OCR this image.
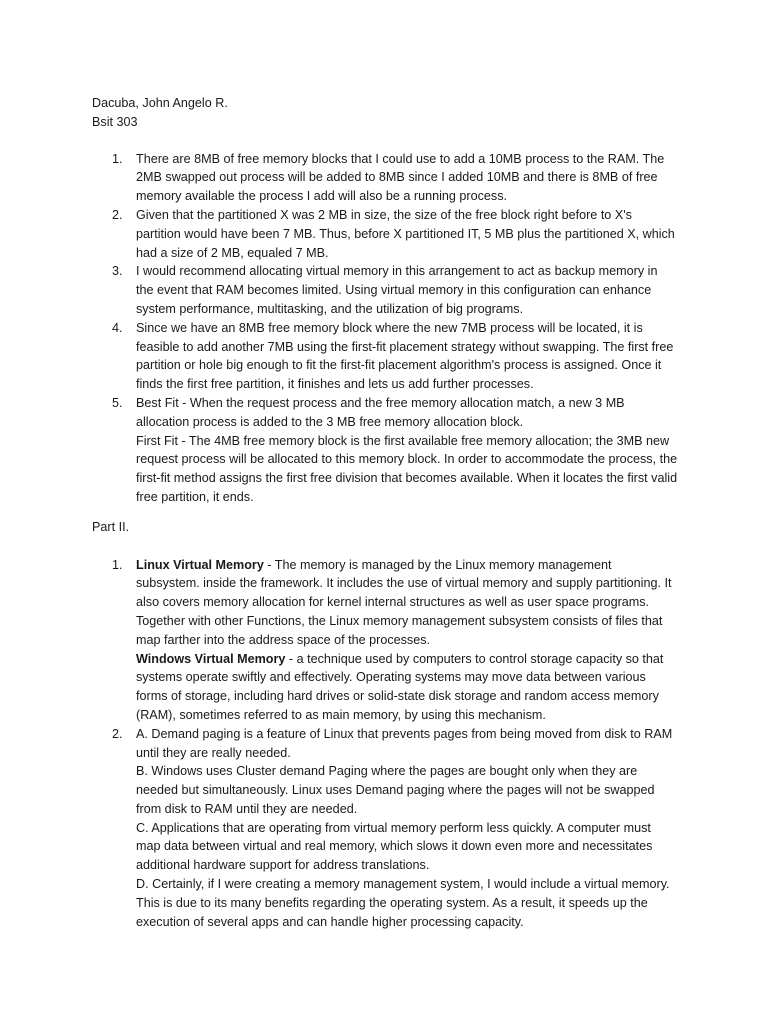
Dacuba, John Angelo R.

Bsit 303

1. There are 8MB of free memory blocks that I could use to add a 10MB process to the RAM. The 2MB swapped out process will be added to 8MB since I added 10MB and there is 8MB of free memory available the process I add will also be a running process.

2. Given that the partitioned X was 2 MB in size, the size of the free block right before to X's partition would have been 7 MB. Thus, before X partitioned IT, 5 MB plus the partitioned X, which had a size of 2 MB, equaled 7 MB.

3. I would recommend allocating virtual memory in this arrangement to act as backup memory in the event that RAM becomes limited. Using virtual memory in this configuration can enhance system performance, multitasking, and the utilization of big programs.

4. Since we have an 8MB free memory block where the new 7MB process will be located, it is feasible to add another 7MB using the first-fit placement strategy without swapping. The first free partition or hole big enough to fit the first-fit placement algorithm's process is assigned. Once it finds the first free partition, it finishes and lets us add further processes.

5. Best Fit - When the request process and the free memory allocation match, a new 3 MB allocation process is added to the 3 MB free memory allocation block.

First Fit - The 4MB free memory block is the first available free memory allocation; the 3MB new request process will be allocated to this memory block. In order to accommodate the process, the first-fit method assigns the first free division that becomes available. When it locates the first valid free partition, it ends.

Part II.

1. Linux Virtual Memory - The memory is managed by the Linux memory management subsystem. inside the framework. It includes the use of virtual memory and supply partitioning. It also covers memory allocation for kernel internal structures as well as user space programs. Together with other Functions, the Linux memory management subsystem consists of files that map farther into the address space of the processes.

Windows Virtual Memory - a technique used by computers to control storage capacity so that systems operate swiftly and effectively. Operating systems may move data between various forms of storage, including hard drives or solid-state disk storage and random access memory (RAM), sometimes referred to as main memory, by using this mechanism.

2. A. Demand paging is a feature of Linux that prevents pages from being moved from disk to RAM until they are really needed.

B. Windows uses Cluster demand Paging where the pages are bought only when they are needed but simultaneously. Linux uses Demand paging where the pages will not be swapped from disk to RAM until they are needed.

C. Applications that are operating from virtual memory perform less quickly. A computer must map data between virtual and real memory, which slows it down even more and necessitates additional hardware support for address translations.

D. Certainly, if I were creating a memory management system, I would include a virtual memory. This is due to its many benefits regarding the operating system. As a result, it speeds up the execution of several apps and can handle higher processing capacity.
